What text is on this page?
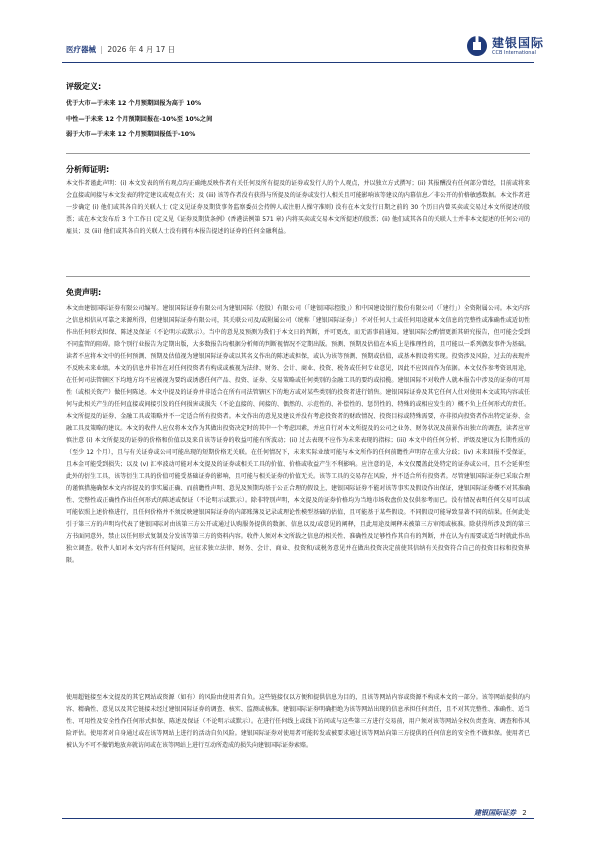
医疗器械 | 2026 年 4 月 17 日	建银国际
CCB International
评级定义:
优于大市—于未来 12 个月预期回报为高于 10%
中性—于未来 12 个月预期回报在-10%至 10%之间
弱于大市—于未来 12 个月预期回报低于-10%
分析师证明:

本文作者谨此声明：(i) 本文发表的所有观点均正确地反映作者有关任何及所有提及的证券或发行人的个人观点，并以独立方式撰写；(ii) 其报酬没有任何部分曾经，目前或将来会直接或间接与本文发表的特定建议或观点有关；及 (iii) 该等作者没有获得与所提及的证券或发行人相关且可能影响该等建议的内幕信息／非公开的价格敏感数据。本文作者进一步确定 (i) 他们或其各自的关联人士 (定义见证券及期货事务监察委员会持牌人或注册人操守准则) 没有在本文发行日期之前的 30 个历日内曾买卖或交易过本文所提述的股票；或在本文发布后 3 个工作日 (定义见《证券及期货条例》(香港法例第 571 章) 内将买卖或交易本文所提述的股票；(ii) 他们或其各自的关联人士并非本文提述的任何公司的雇员；及 (iii) 他们或其各自的关联人士没有拥有本报告提述的证券的任何金融利益。

免责声明:

本文由建银国际证券有限公司编写。建银国际证券有限公司为建银国际（控股）有限公司（「建银国际控股」）和中国建设银行股份有限公司（「建行」）全资附属公司。本文内容之信息相信从可靠之来源所得，但建银国际证券有限公司，其关联公司及/或附属公司（统称「建银国际证券」）不对任何人士或任何用途就本文信息的完整性或准确性或适切性作出任何形式担保、陈述及保证（不论明示或默示）。当中的意见及预测为我们于本文日的判断，并可更改，而无需事前通知。建银国际会酌情更新其研究报告，但可能会受到不同监管的阻碍。除个别行业报告为定期出版，大多数报告均根据分析师的判断视情况不定期出版。预测、预期及估值在本质上是推理性的，且可能以一系列偶发事件为基础。读者不应将本文中的任何预测、预期及估值视为建银国际证券或以其名义作出的陈述或担保，或认为该等预测、预期或估值，或基本假设将实现。投资涉及风险，过去的表现并不反映未来业绩。本文的信息并非旨在对任何投资者有构成或被视为法律、财务、会计、商业、投资、税务或任何专业意见，因此不应因而作为依据。本文仅作参考资讯用途，在任何司法管辖区下均地方均不应被视为要约或诱惑任何产品、投资、证券、交易策略或任何类别的金融工具的要约或招揽。建银国际不对收件人就本报告中涉及的证券的可用性（或相关资产）做任何陈述。本文中提及的证券并非适合在所有司法管辖区下的地方或对某些类别的投资者进行销售。建银国际证券及其它任何人仕对使用本文或其内容或任何与此相关产生的任何直接或间接引发的任何损害或损失（不论直接的、间接的、偶然的、示范性的、补偿性的、惩罚性的、特殊的或相应发生的）概不负上任何形式的责任。本文所提及的证券、金融工具或策略并不一定适合所有投资者。本文作出的意见及建议并没有考虑投资者的财政情况、投资目标或特殊需要，亦非拟向投资者作出特定证券、金融工具及策略的建议。本文的收件人应仅将本文作为其做出投资决定时的其中一个考虑因素，并应自行对本文所提及的公司之业务、财务状况及前景作出独立的调查，读者应审慎注意 (i) 本文所提及的证券的价格和价值以及来自该等证券的收益可能有所波动；(ii) 过去表现不应作为未来表现的指标；(iii) 本文中的任何分析、评级及建议为长期性质的（至少 12 个月），且与有关证券或公司可能出现的短期价格无关联。在任何情况下，未来实际业绩可能与本文所作的任何前瞻性声明存在重大分歧；(iv) 未来回报不受保证，且本金可能受到损失；以及 (v) 汇率波动可能对本文提及的证券或相关工具的价值、价格或收益产生不利影响。应注意的是，本文仅覆盖此处特定的证券或公司，且不会延伸至此外的衍生工具，该等衍生工具的价值可能受基础证券的影响，且可能与相关证券的价值无关。该等工具的交易存在风险，并不适合所有投资者。尽管建银国际证券已采取合理的谨慎措施确保本文内容提及的事实属正确、而前瞻性声明、意见及预期均基于公正合理的假设上，建银国际证券不能对该等事实及假设作出保证，建银国际证券概不对其准确性、完整性或正确性作出任何形式的陈述或保证（不论明示或默示）。除非特别声明，本文提及的证券价格均为当地市场收盘价及仅供参考而已。没有情况表明任何交易可以或可能依照上述价格进行，且任何价格并不须反映建银国际证券的内部账簿及记录或理论性模型基础的估值，且可能基于某些假设。不同假设可能导致显著不同的结果。任何此处引于第三方的声明均代表了建银国际对由该第三方公开或通过认购服务提供的数据、信息以及/或意见的阐释，且此用途及阐释未被第三方审阅或核准。除获得所涉及到的第三方书面同意外，禁止以任何形式复制及分发该等第三方的资料内容。收件人须对本文所载之信息的相关性、准确性及足够性作其自有的判断，并在认为有需要或适当时就此作出独立调查。收件人如对本文内容有任何疑问，应征求独立法律、财务、会计、商业、投资和/或税务意见并在做出投资决定前使其信纳有关投资符合自己的投资目标和投资界限。

使用超链接至本文提及的其它网站或资源（如有）的风险由使用者自负。这些链接仅以方便和提供信息为目的，且该等网站内容或资源不构成本文的一部分。该等网站提供的内容、精确性、意见以及其它链接未经过建银国际证券的调查、核实、监测或核准。建银国际证券明确拒绝为该等网站出现的信息承担任何责任，且不对其完整性、准确性、适当性、可用性及安全性作任何形式担保、陈述及保证（不论明示或默示）。在进行任何线上或线下访问或与这些第三方进行交易前，用户须对该等网站全权负责查询、调查和作风险评估。使用者对自身通过或在该等网站上进行的活动自负风险。建银国际证券对使用者可能转发或被要求通过该等网站向第三方提供的任何信息的安全性不做担保。使用者已被认为不可不撤销地放弃就访问或在该等网站上进行互动所造成的损失向建银国际证券索赔。

建银国际证券 2
